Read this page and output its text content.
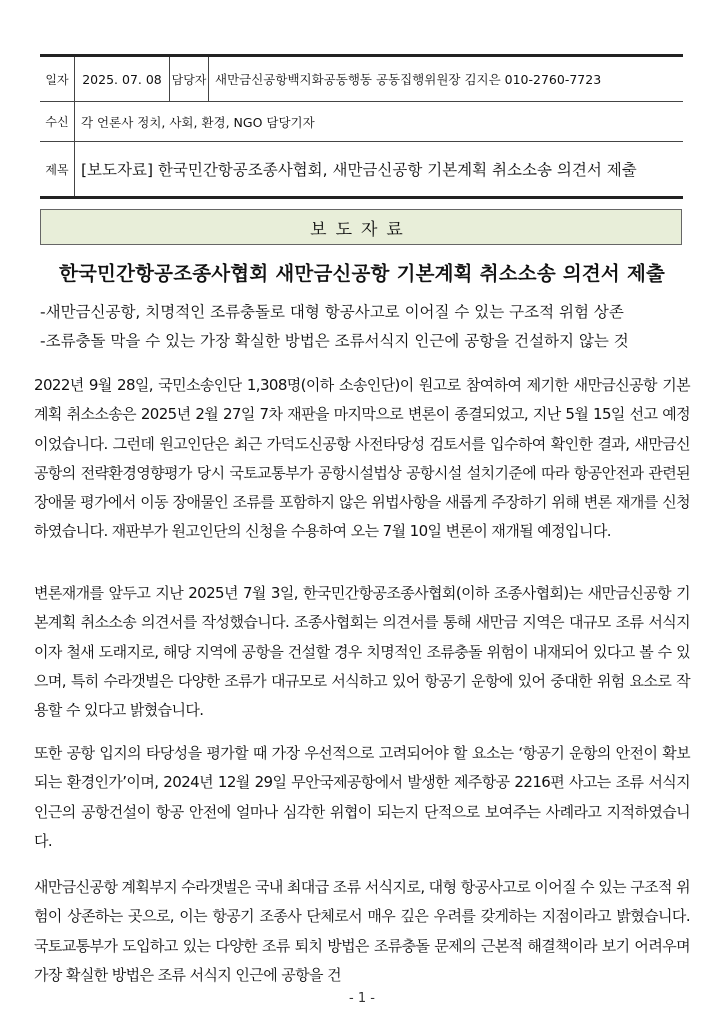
일자	2025. 07. 08	담당자	새만금신공항백지화공동행동 공동집행위원장 김지은 010-2760-7723
수신	각 언론사 정치, 사회, 환경, NGO 담당기자		
제목	[보도자료] 한국민간항공조종사협회, 새만금신공항 기본계획 취소소송 의견서 제출		
보도자료
한국민간항공조종사협회 새만금신공항 기본계획 취소소송 의견서 제출
-새만금신공항, 치명적인 조류충돌로 대형 항공사고로 이어질 수 있는 구조적 위험 상존
-조류충돌 막을 수 있는 가장 확실한 방법은 조류서식지 인근에 공항을 건설하지 않는 것

2022년 9월 28일, 국민소송인단 1,308명(이하 소송인단)이 원고로 참여하여 제기한 새만금신공항 기본계획 취소소송은 2025년 2월 27일 7차 재판을 마지막으로 변론이 종결되었고, 지난 5월 15일 선고 예정이었습니다. 그런데 원고인단은 최근 가덕도신공항 사전타당성 검토서를 입수하여 확인한 결과, 새만금신공항의 전략환경영향평가 당시 국토교통부가 공항시설법상 공항시설 설치기준에 따라 항공안전과 관련된 장애물 평가에서 이동 장애물인 조류를 포함하지 않은 위법사항을 새롭게 주장하기 위해 변론 재개를 신청하였습니다. 재판부가 원고인단의 신청을 수용하여 오는 7월 10일 변론이 재개될 예정입니다.

변론재개를 앞두고 지난 2025년 7월 3일, 한국민간항공조종사협회(이하 조종사협회)는 새만금신공항 기본계획 취소소송 의견서를 작성했습니다. 조종사협회는 의견서를 통해 새만금 지역은 대규모 조류 서식지이자 철새 도래지로, 해당 지역에 공항을 건설할 경우 치명적인 조류충돌 위험이 내재되어 있다고 볼 수 있으며, 특히 수라갯벌은 다양한 조류가 대규모로 서식하고 있어 항공기 운항에 있어 중대한 위험 요소로 작용할 수 있다고 밝혔습니다.

또한 공항 입지의 타당성을 평가할 때 가장 우선적으로 고려되어야 할 요소는 ‘항공기 운항의 안전이 확보되는 환경인가’이며, 2024년 12월 29일 무안국제공항에서 발생한 제주항공 2216편 사고는 조류 서식지 인근의 공항건설이 항공 안전에 얼마나 심각한 위협이 되는지 단적으로 보여주는 사례라고 지적하였습니다.

새만금신공항 계획부지 수라갯벌은 국내 최대급 조류 서식지로, 대형 항공사고로 이어질 수 있는 구조적 위험이 상존하는 곳으로, 이는 항공기 조종사 단체로서 매우 깊은 우려를 갖게하는 지점이라고 밝혔습니다. 국토교통부가 도입하고 있는 다양한 조류 퇴치 방법은 조류충돌 문제의 근본적 해결책이라 보기 어려우며 가장 확실한 방법은 조류 서식지 인근에 공항을 건

- 1 -
